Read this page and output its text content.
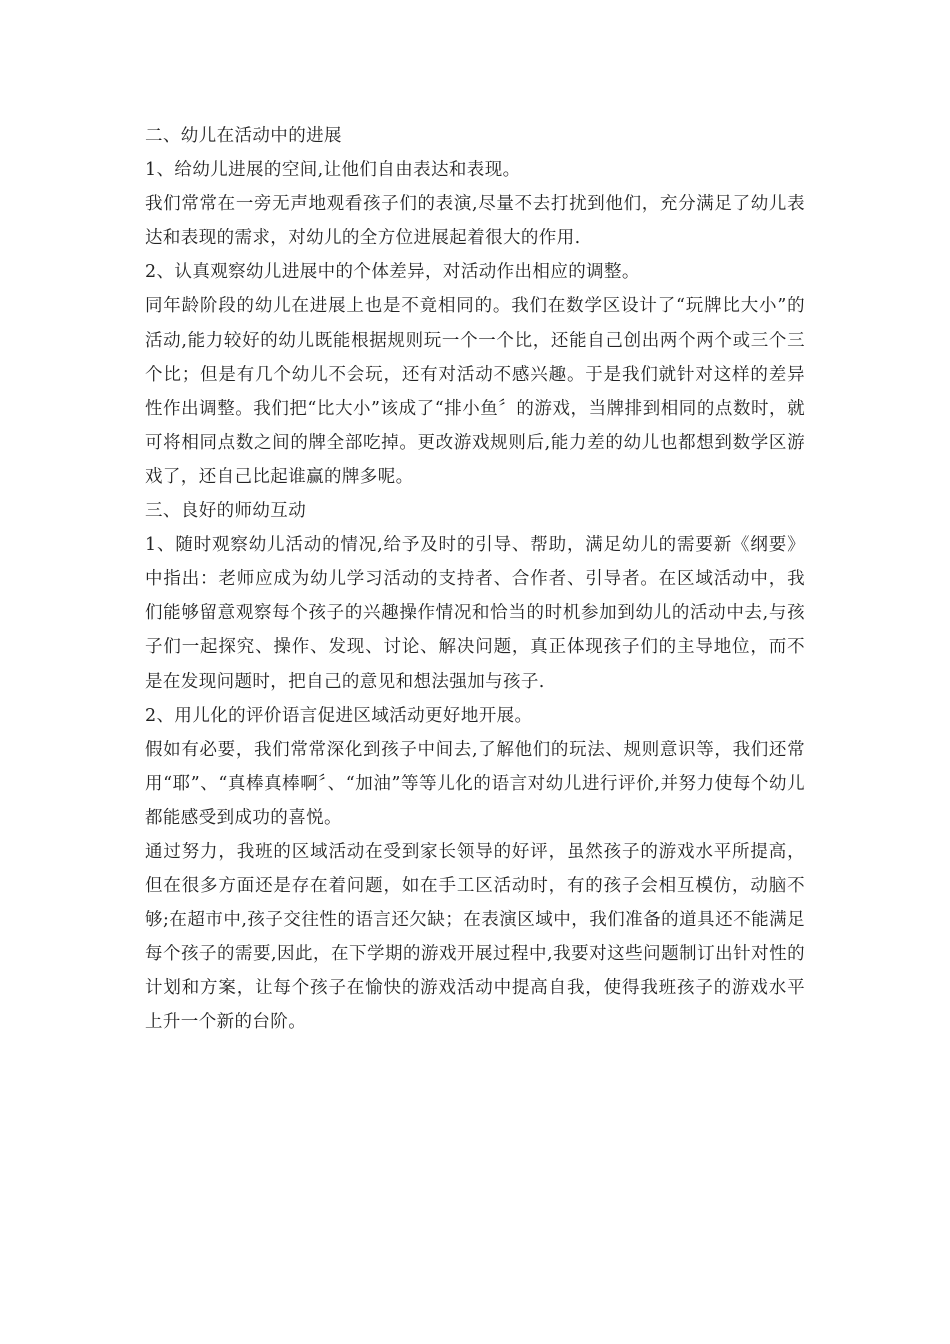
二、幼儿在活动中的进展

1、给幼儿进展的空间,让他们自由表达和表现。

我们常常在一旁无声地观看孩子们的表演,尽量不去打扰到他们，充分满足了幼儿表达和表现的需求，对幼儿的全方位进展起着很大的作用.

2、认真观察幼儿进展中的个体差异，对活动作出相应的调整。

同年龄阶段的幼儿在进展上也是不竟相同的。我们在数学区设计了“玩牌比大小”的活动,能力较好的幼儿既能根据规则玩一个一个比，还能自己创出两个两个或三个三个比；但是有几个幼儿不会玩，还有对活动不感兴趣。于是我们就针对这样的差异性作出调整。我们把“比大小”该成了“排小鱼〞的游戏，当牌排到相同的点数时，就可将相同点数之间的牌全部吃掉。更改游戏规则后,能力差的幼儿也都想到数学区游戏了，还自己比起谁赢的牌多呢。

三、良好的师幼互动

1、随时观察幼儿活动的情况,给予及时的引导、帮助，满足幼儿的需要新《纲要》中指出：老师应成为幼儿学习活动的支持者、合作者、引导者。在区域活动中，我们能够留意观察每个孩子的兴趣操作情况和恰当的时机参加到幼儿的活动中去,与孩子们一起探究、操作、发现、讨论、解决问题，真正体现孩子们的主导地位，而不是在发现问题时，把自己的意见和想法强加与孩子.

2、用儿化的评价语言促进区域活动更好地开展。

假如有必要，我们常常深化到孩子中间去,了解他们的玩法、规则意识等，我们还常用“耶”、“真棒真棒啊〞、“加油”等等儿化的语言对幼儿进行评价,并努力使每个幼儿都能感受到成功的喜悦。

通过努力，我班的区域活动在受到家长领导的好评，虽然孩子的游戏水平所提高，但在很多方面还是存在着问题，如在手工区活动时，有的孩子会相互模仿，动脑不够;在超市中,孩子交往性的语言还欠缺；在表演区域中，我们准备的道具还不能满足每个孩子的需要,因此，在下学期的游戏开展过程中,我要对这些问题制订出针对性的计划和方案，让每个孩子在愉快的游戏活动中提高自我，使得我班孩子的游戏水平上升一个新的台阶。
